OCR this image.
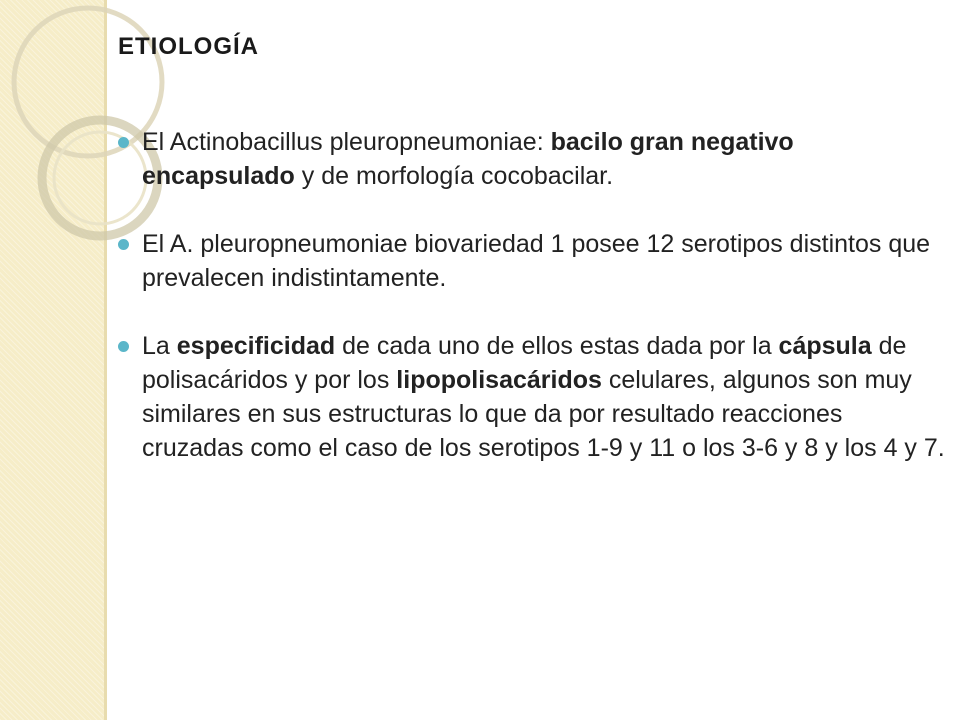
ETIOLOGÍA
El Actinobacillus pleuropneumoniae: bacilo gran negativo encapsulado y de morfología cocobacilar.
El A. pleuropneumoniae biovariedad 1 posee 12 serotipos distintos que prevalecen indistintamente.
La especificidad de cada uno de ellos estas dada por la cápsula de polisacáridos y por los lipopolisacáridos celulares, algunos son muy similares en sus estructuras lo que da por resultado reacciones cruzadas como el caso de los serotipos 1-9 y 11 o los 3-6 y 8 y los 4 y 7.
